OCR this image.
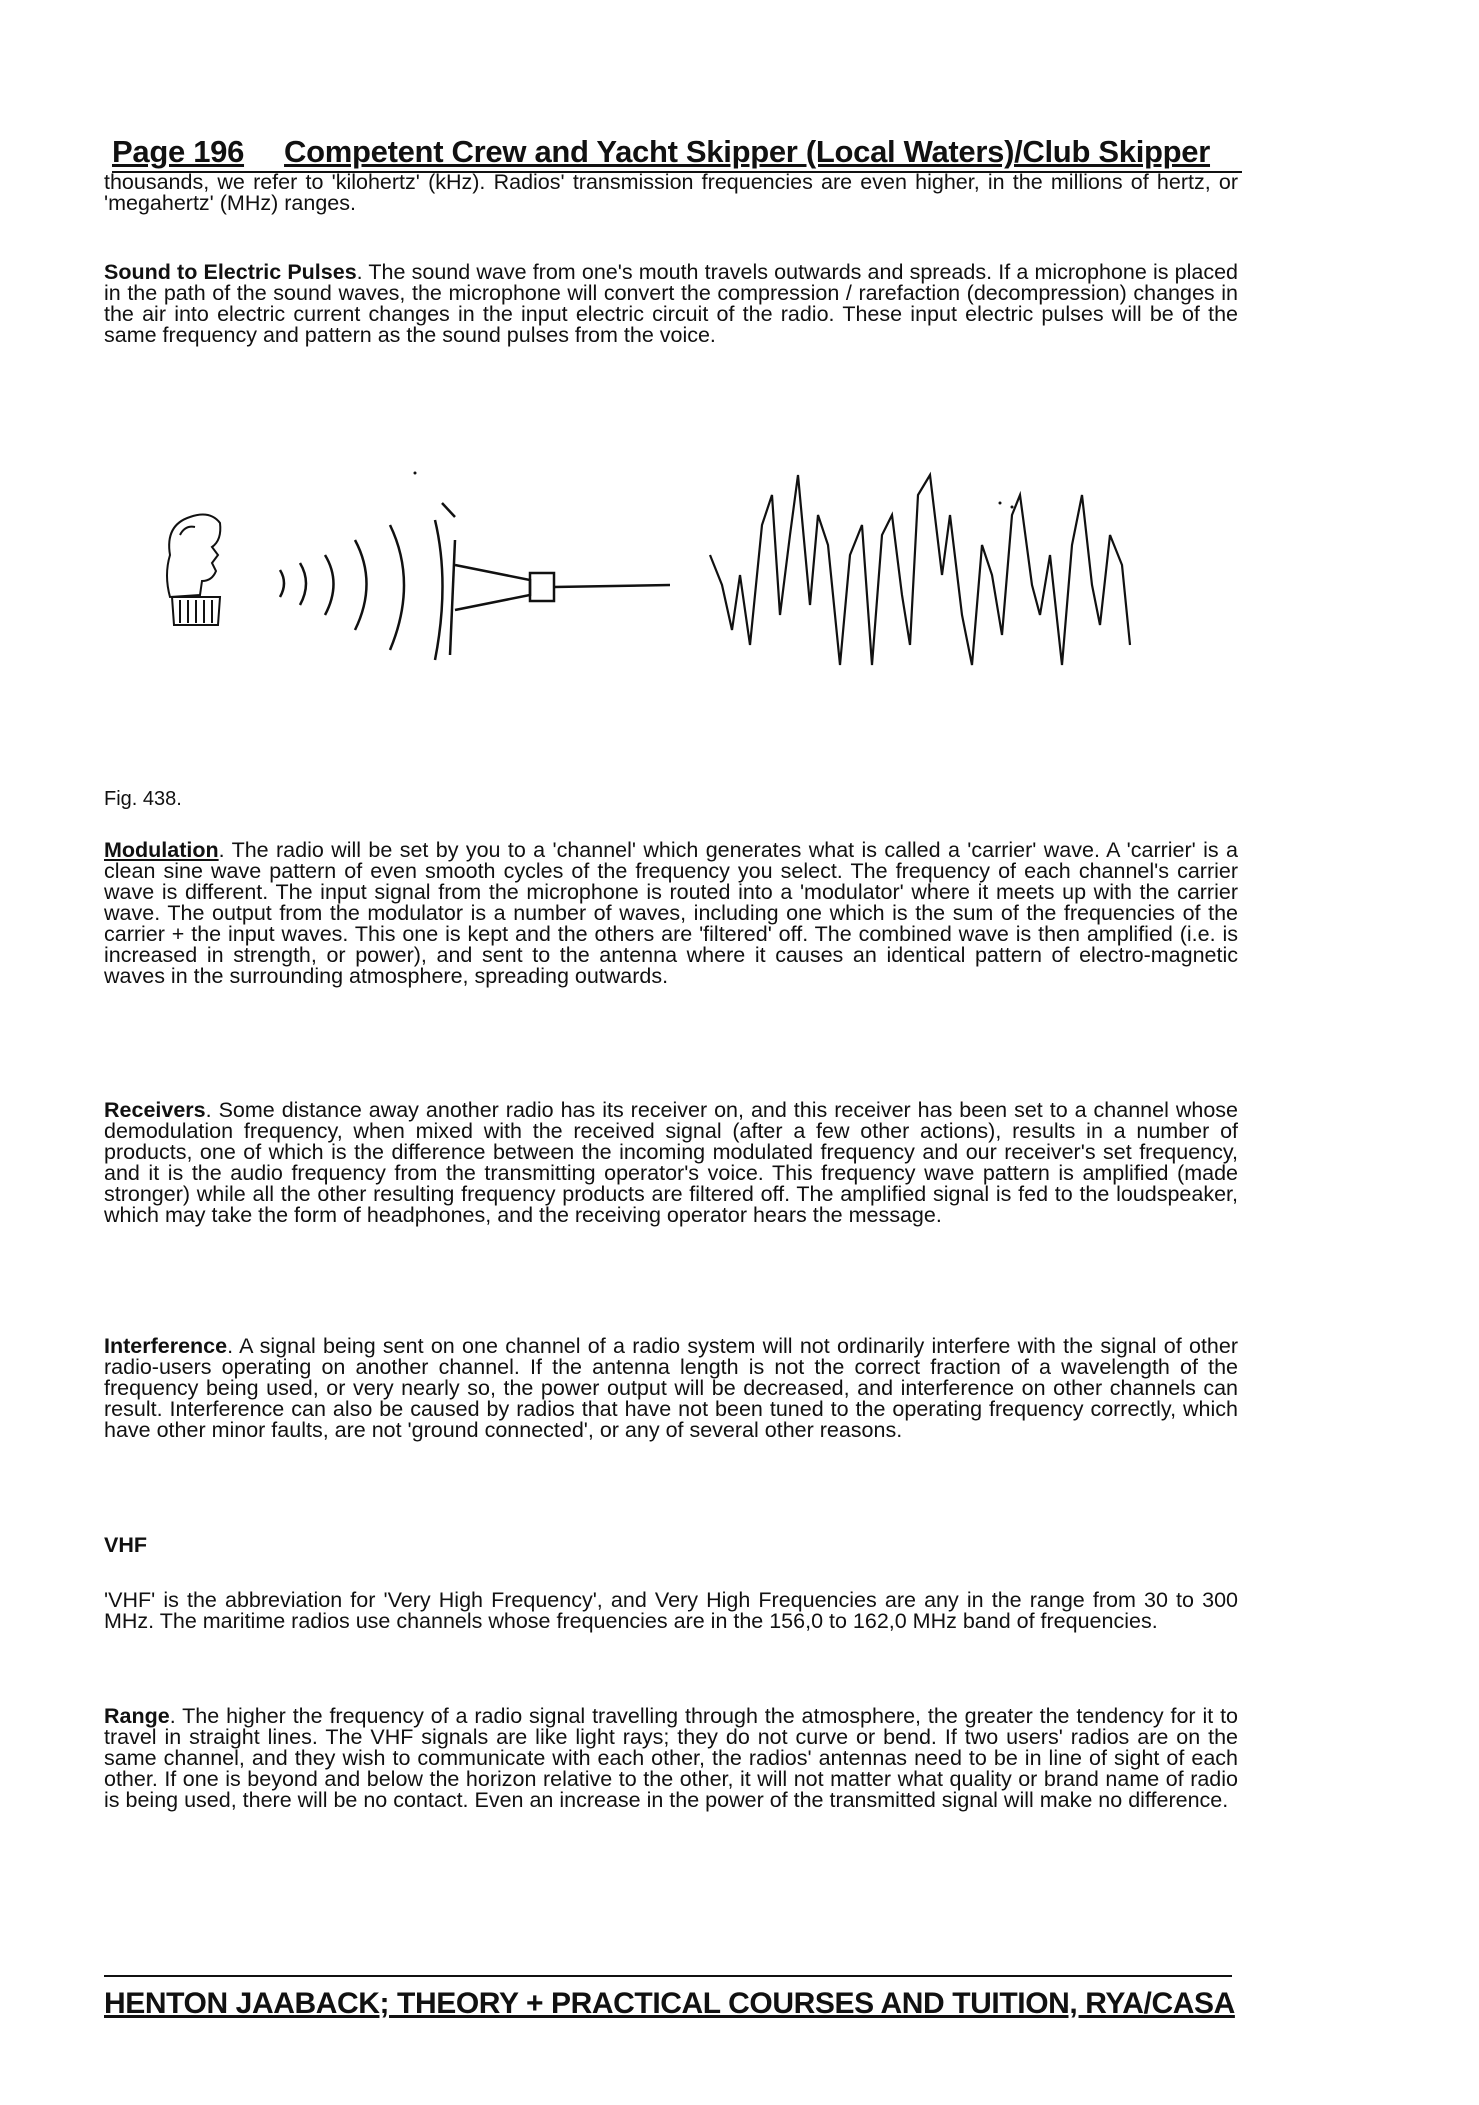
Page 196 Competent Crew and Yacht Skipper (Local Waters)/Club Skipper
thousands, we refer to 'kilohertz' (kHz). Radios' transmission frequencies are even higher, in the millions of hertz, or 'megahertz' (MHz) ranges.
Sound to Electric Pulses. The sound wave from one's mouth travels outwards and spreads. If a microphone is placed in the path of the sound waves, the microphone will convert the compression / rarefaction (decompression) changes in the air into electric current changes in the input electric circuit of the radio. These input electric pulses will be of the same frequency and pattern as the sound pulses from the voice.
Fig. 438.
Modulation. The radio will be set by you to a 'channel' which generates what is called a 'carrier' wave. A 'carrier' is a clean sine wave pattern of even smooth cycles of the frequency you select. The frequency of each channel's carrier wave is different. The input signal from the microphone is routed into a 'modulator' where it meets up with the carrier wave. The output from the modulator is a number of waves, including one which is the sum of the frequencies of the carrier + the input waves. This one is kept and the others are 'filtered' off. The combined wave is then amplified (i.e. is increased in strength, or power), and sent to the antenna where it causes an identical pattern of electro-magnetic waves in the surrounding atmosphere, spreading outwards.
Receivers. Some distance away another radio has its receiver on, and this receiver has been set to a channel whose demodulation frequency, when mixed with the received signal (after a few other actions), results in a number of products, one of which is the difference between the incoming modulated frequency and our receiver's set frequency, and it is the audio frequency from the transmitting operator's voice. This frequency wave pattern is amplified (made stronger) while all the other resulting frequency products are filtered off. The amplified signal is fed to the loudspeaker, which may take the form of headphones, and the receiving operator hears the message.
Interference. A signal being sent on one channel of a radio system will not ordinarily interfere with the signal of other radio-users operating on another channel. If the antenna length is not the correct fraction of a wavelength of the frequency being used, or very nearly so, the power output will be decreased, and interference on other channels can result. Interference can also be caused by radios that have not been tuned to the operating frequency correctly, which have other minor faults, are not 'ground connected', or any of several other reasons.
VHF
'VHF' is the abbreviation for 'Very High Frequency', and Very High Frequencies are any in the range from 30 to 300 MHz. The maritime radios use channels whose frequencies are in the 156,0 to 162,0 MHz band of frequencies.
Range. The higher the frequency of a radio signal travelling through the atmosphere, the greater the tendency for it to travel in straight lines. The VHF signals are like light rays; they do not curve or bend. If two users' radios are on the same channel, and they wish to communicate with each other, the radios' antennas need to be in line of sight of each other. If one is beyond and below the horizon relative to the other, it will not matter what quality or brand name of radio is being used, there will be no contact. Even an increase in the power of the transmitted signal will make no difference.
HENTON JAABACK; THEORY + PRACTICAL COURSES AND TUITION, RYA/CASA
